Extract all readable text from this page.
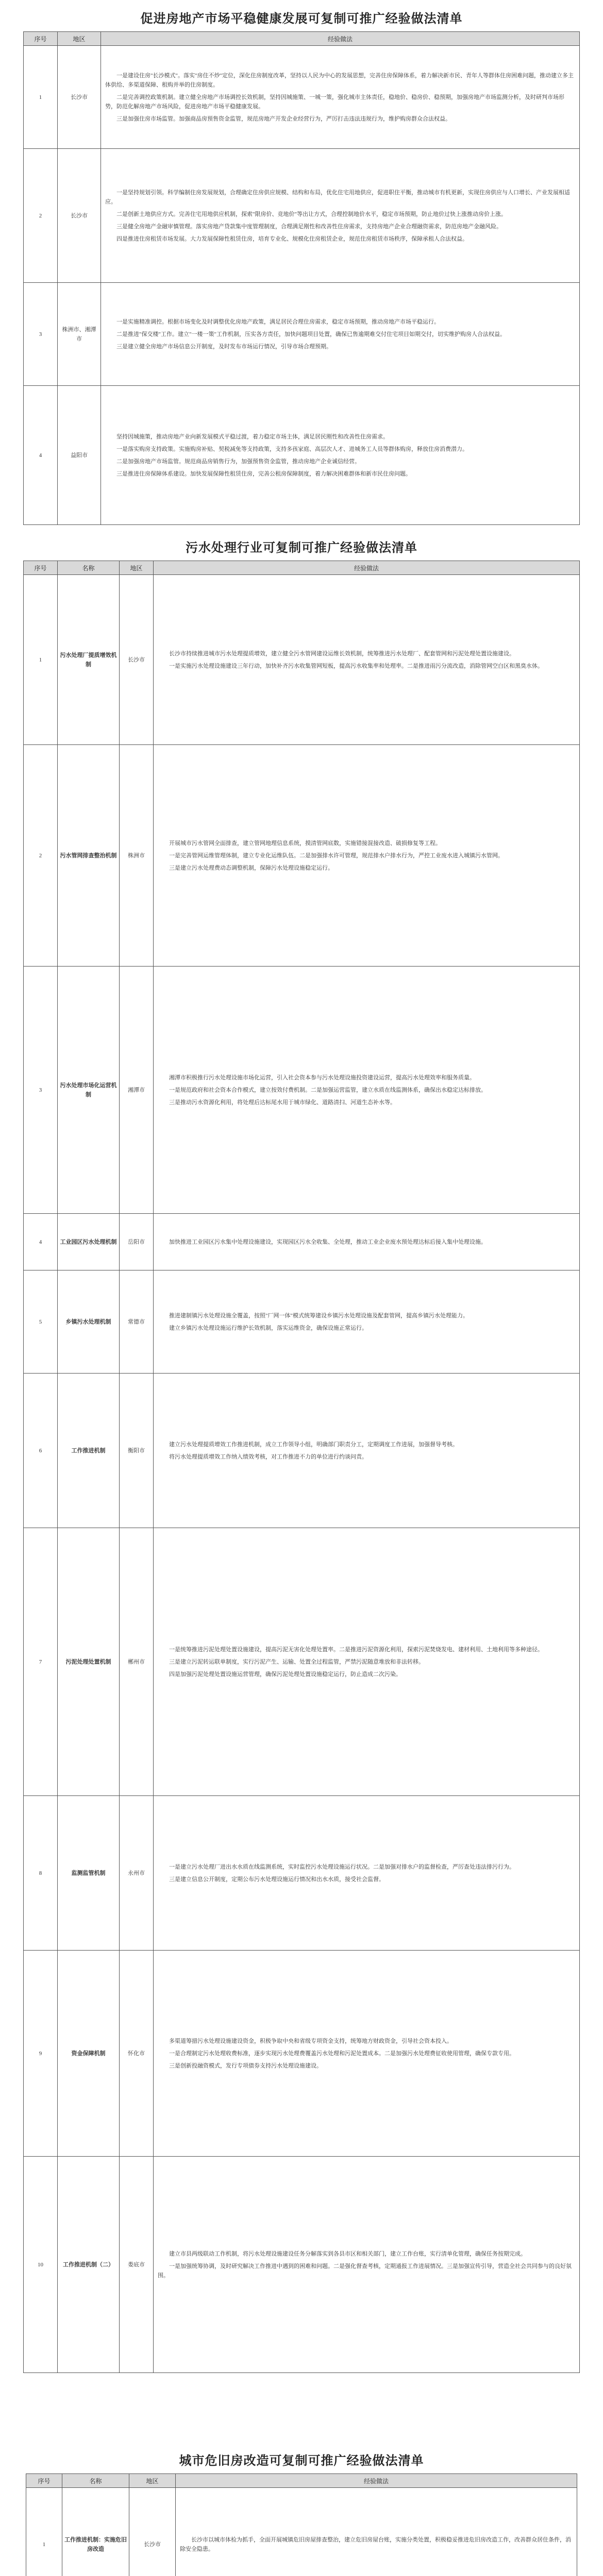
促进房地产市场平稳健康发展可复制可推广经验做法清单
序号	地区	经验做法
1	长沙市	一是建设住房"长沙模式"。落实"房住不炒"定位，深化住房制度改革，坚持以人民为中心的发展思想，完善住房保障体系，着力解决新市民、青年人等群体住房困难问题，推动建立多主体供给、多渠道保障、租购并举的住房制度。

二是完善调控政策机制。建立健全房地产市场调控长效机制，坚持因城施策、一城一策，强化城市主体责任，稳地价、稳房价、稳预期，加强房地产市场监测分析，及时研判市场形势，防范化解房地产市场风险，促进房地产市场平稳健康发展。

三是加强住房市场监管。加强商品房预售资金监管，规范房地产开发企业经营行为，严厉打击违法违规行为，维护购房群众合法权益。

2	长沙市	一是坚持规划引领。科学编制住房发展规划，合理确定住房供应规模、结构和布局，优化住宅用地供应，促进职住平衡，推动城市有机更新，实现住房供应与人口增长、产业发展相适应。

二是创新土地供应方式。完善住宅用地供应机制，探索"限房价、竞地价"等出让方式，合理控制地价水平，稳定市场预期，防止地价过快上涨推动房价上涨。

三是健全房地产金融审慎管理。落实房地产贷款集中度管理制度，合理满足刚性和改善性住房需求，支持房地产企业合理融资需求，防范房地产金融风险。

四是推进住房租赁市场发展。大力发展保障性租赁住房，培育专业化、规模化住房租赁企业，规范住房租赁市场秩序，保障承租人合法权益。

3	株洲市、湘潭市	一是实施精准调控。根据市场变化及时调整优化房地产政策，满足居民合理住房需求，稳定市场预期，推动房地产市场平稳运行。

二是推进"保交楼"工作。建立"一楼一策"工作机制，压实各方责任，加快问题项目处置，确保已售逾期难交付住宅项目如期交付，切实维护购房人合法权益。

三是建立健全房地产市场信息公开制度，及时发布市场运行情况，引导市场合理预期。

4	益阳市	坚持因城施策，推动房地产业向新发展模式平稳过渡，着力稳定市场主体，满足居民刚性和改善性住房需求。

一是落实购房支持政策。实施购房补贴、契税减免等支持政策，支持多孩家庭、高层次人才、进城务工人员等群体购房，释放住房消费潜力。

二是加强房地产市场监管。规范商品房销售行为，加强预售资金监管，推动房地产企业诚信经营。

三是推进住房保障体系建设。加快发展保障性租赁住房，完善公租房保障制度，着力解决困难群体和新市民住房问题。

污水处理行业可复制可推广经验做法清单
序号	名称	地区	经验做法
1	污水处理厂提质增效机制	长沙市	长沙市持续推进城市污水处理提质增效，建立健全污水管网建设运维长效机制，统筹推进污水处理厂、配套管网和污泥处理处置设施建设。

一是实施污水处理设施建设三年行动，加快补齐污水收集管网短板，提高污水收集率和处理率。二是推进雨污分流改造，消除管网空白区和黑臭水体。

2	污水管网排查整治机制	株洲市	开展城市污水管网全面排查，建立管网地理信息系统，摸清管网底数，实施错接混接改造、破损修复等工程。

一是完善管网运维管理体制，建立专业化运维队伍。二是加强排水许可管理，规范排水户排水行为，严控工业废水进入城镇污水管网。

三是建立污水处理费动态调整机制，保障污水处理设施稳定运行。

3	污水处理市场化运营机制	湘潭市	湘潭市积极推行污水处理设施市场化运营，引入社会资本参与污水处理设施投资建设运营，提高污水处理效率和服务质量。

一是规范政府和社会资本合作模式，建立按效付费机制。二是加强运营监管，建立水质在线监测体系，确保出水稳定达标排放。

三是推动污水资源化利用，将处理后达标尾水用于城市绿化、道路清扫、河道生态补水等。

4	工业园区污水处理机制	岳阳市	加快推进工业园区污水集中处理设施建设，实现园区污水全收集、全处理，推动工业企业废水预处理达标后接入集中处理设施。

5	乡镇污水处理机制	常德市	推进建制镇污水处理设施全覆盖，按照"厂网一体"模式统筹建设乡镇污水处理设施及配套管网，提高乡镇污水处理能力。

建立乡镇污水处理设施运行维护长效机制，落实运维资金，确保设施正常运行。

6	工作推进机制	衡阳市	建立污水处理提质增效工作推进机制，成立工作领导小组，明确部门职责分工，定期调度工作进展，加强督导考核。

将污水处理提质增效工作纳入绩效考核，对工作推进不力的单位进行约谈问责。

7	污泥处理处置机制	郴州市	一是统筹推进污泥处理处置设施建设，提高污泥无害化处理处置率。二是推进污泥资源化利用，探索污泥焚烧发电、建材利用、土地利用等多种途径。

三是建立污泥转运联单制度，实行污泥产生、运输、处置全过程监管，严禁污泥随意堆放和非法转移。

四是加强污泥处理处置设施运营管理，确保污泥处理处置设施稳定运行，防止造成二次污染。

8	监测监管机制	永州市	一是建立污水处理厂进出水水质在线监测系统，实时监控污水处理设施运行状况。二是加强对排水户的监督检查，严厉查处违法排污行为。

三是建立信息公开制度，定期公布污水处理设施运行情况和出水水质，接受社会监督。

9	资金保障机制	怀化市	多渠道筹措污水处理设施建设资金，积极争取中央和省级专项资金支持，统筹地方财政资金，引导社会资本投入。

一是合理制定污水处理收费标准，逐步实现污水处理费覆盖污水处理和污泥处置成本。二是加强污水处理费征收使用管理，确保专款专用。

三是创新投融资模式，发行专项债券支持污水处理设施建设。

10	工作推进机制（二）	娄底市	建立市县两级联动工作机制，将污水处理设施建设任务分解落实到各县市区和相关部门，建立工作台账，实行清单化管理，确保任务按期完成。

一是加强统筹协调，及时研究解决工作推进中遇到的困难和问题。二是强化督查考核，定期通报工作进展情况。三是加强宣传引导，营造全社会共同参与的良好氛围。

城市危旧房改造可复制可推广经验做法清单
序号	名称	地区	经验做法
1	工作推进机制：实施危旧房改造	长沙市	长沙市以城市体检为抓手，全面开展城镇危旧房屋排查整治，建立危旧房屋台账，实施分类处置，积极稳妥推进危旧房改造工作，改善群众居住条件，消除安全隐患。
